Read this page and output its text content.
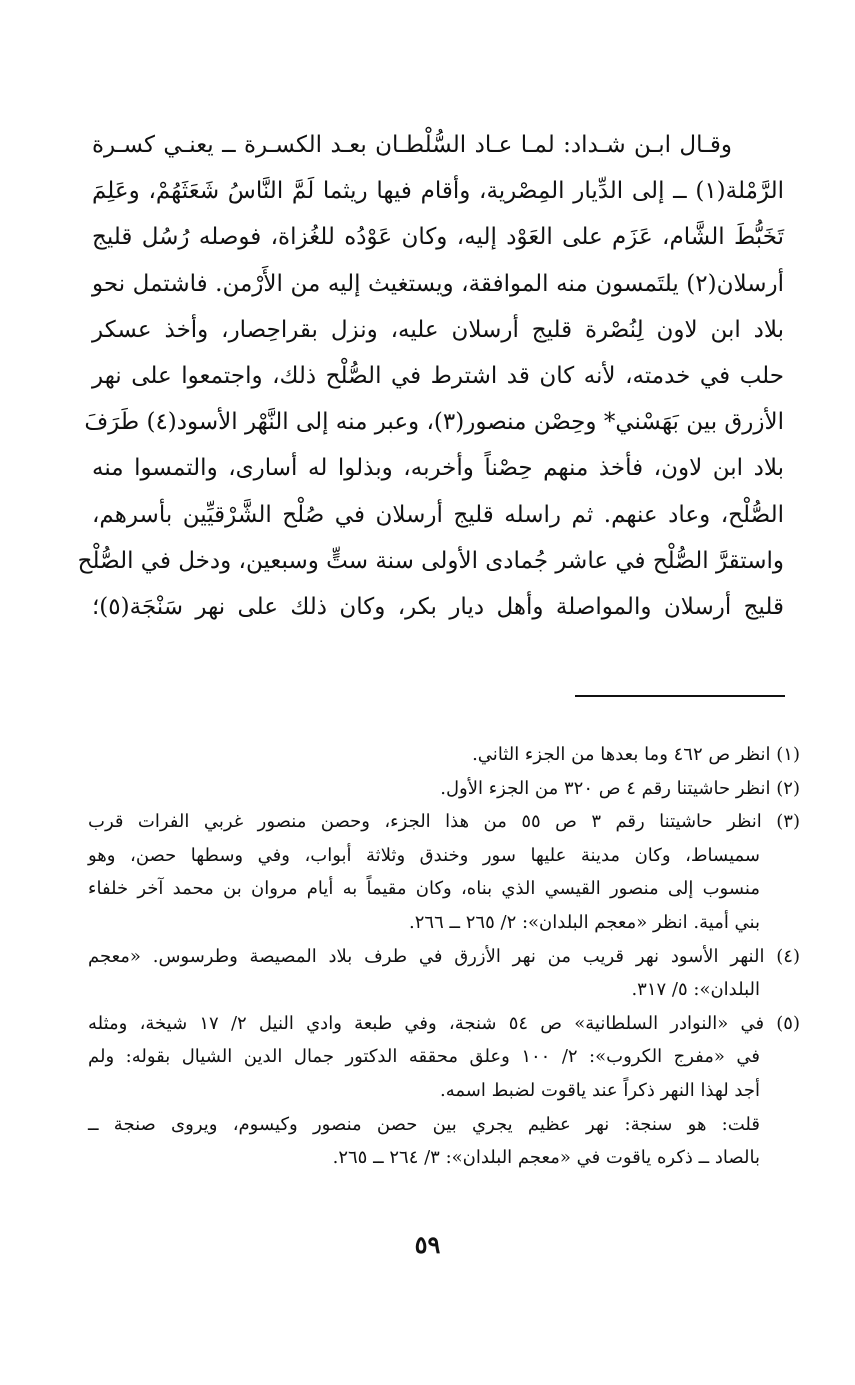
وقـال ابـن شـداد: لمـا عـاد السُّلْطـان بعـد الكسـرة ــ يعنـي كسـرة
الرَّمْلة(١) ــ إلى الدِّيار المِصْرية، وأقام فيها ريثما لَمَّ النَّاسُ شَعَثَهُمْ، وعَلِمَ
تَخَبُّطَ الشَّام، عَزَم على العَوْد إليه، وكان عَوْدُه للغُزاة، فوصله رُسُل قليج
أرسلان(٢) يلتَمسون منه الموافقة، ويستغيث إليه من الأَرْمن. فاشتمل نحو
بلاد ابن لاون لِنُصْرة قليج أرسلان عليه، ونزل بقراحِصار، وأخذ عسكر
حلب في خدمته، لأنه كان قد اشترط في الصُّلْح ذلك، واجتمعوا على نهر
الأزرق بين بَهَسْني* وحِصْن منصور(٣)، وعبر منه إلى النَّهْر الأسود(٤) طَرَفَ
بلاد ابن لاون، فأخذ منهم حِصْناً وأخربه، وبذلوا له أسارى، والتمسوا منه
الصُّلْح، وعاد عنهم. ثم راسله قليج أرسلان في صُلْح الشَّرْقيِّين بأسرهم،
واستقرَّ الصُّلْح في عاشر جُمادى الأولى سنة ستٍّ وسبعين، ودخل في الصُّلْح
قليج أرسلان والمواصلة وأهل ديار بكر، وكان ذلك على نهر سَنْجَة(٥)؛
(١) انظر ص ٤٦٢ وما بعدها من الجزء الثاني.
(٢) انظر حاشيتنا رقم ٤ ص ٣٢٠ من الجزء الأول.
(٣) انظر حاشيتنا رقم ٣ ص ٥٥ من هذا الجزء، وحصن منصور غربي الفرات قرب
سميساط، وكان مدينة عليها سور وخندق وثلاثة أبواب، وفي وسطها حصن، وهو
منسوب إلى منصور القيسي الذي بناه، وكان مقيماً به أيام مروان بن محمد آخر خلفاء
بني أمية. انظر «معجم البلدان»: ٢/ ٢٦٥ ــ ٢٦٦.
(٤) النهر الأسود نهر قريب من نهر الأزرق في طرف بلاد المصيصة وطرسوس. «معجم
البلدان»: ٥/ ٣١٧.
(٥) في «النوادر السلطانية» ص ٥٤ شنجة، وفي طبعة وادي النيل ٢/ ١٧ شيخة، ومثله
في «مفرج الكروب»: ٢/ ١٠٠ وعلق محققه الدكتور جمال الدين الشيال بقوله: ولم
أجد لهذا النهر ذكراً عند ياقوت لضبط اسمه.
قلت: هو سنجة: نهر عظيم يجري بين حصن منصور وكيسوم، ويروى صنجة ــ
بالصاد ــ ذكره ياقوت في «معجم البلدان»: ٣/ ٢٦٤ ــ ٢٦٥.
٥٩
